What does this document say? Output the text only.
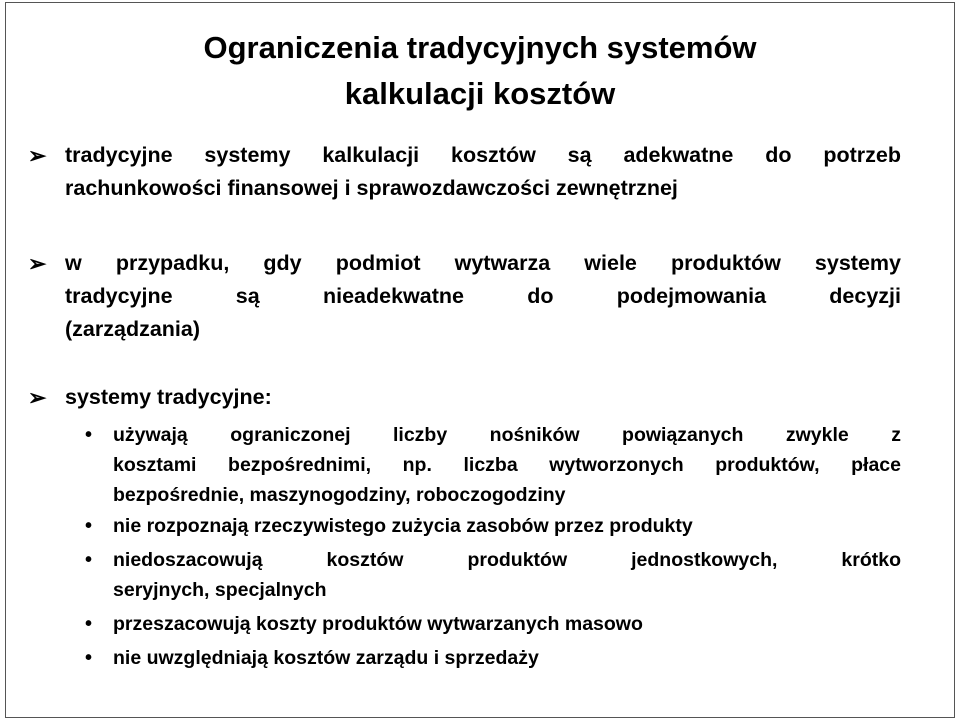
Ograniczenia tradycyjnych systemów
kalkulacji kosztów
➢ tradycyjne systemy kalkulacji kosztów są adekwatne do potrzeb
rachunkowości finansowej i sprawozdawczości zewnętrznej
➢ w przypadku, gdy podmiot wytwarza wiele produktów systemy
tradycyjne są nieadekwatne do podejmowania decyzji
(zarządzania)
➢ systemy tradycyjne:
• używają ograniczonej liczby nośników powiązanych zwykle z
kosztami bezpośrednimi, np. liczba wytworzonych produktów, płace
bezpośrednie, maszynogodziny, roboczogodziny
• nie rozpoznają rzeczywistego zużycia zasobów przez produkty
• niedoszacowują kosztów produktów jednostkowych, krótko
seryjnych, specjalnych
• przeszacowują koszty produktów wytwarzanych masowo
• nie uwzględniają kosztów zarządu i sprzedaży
